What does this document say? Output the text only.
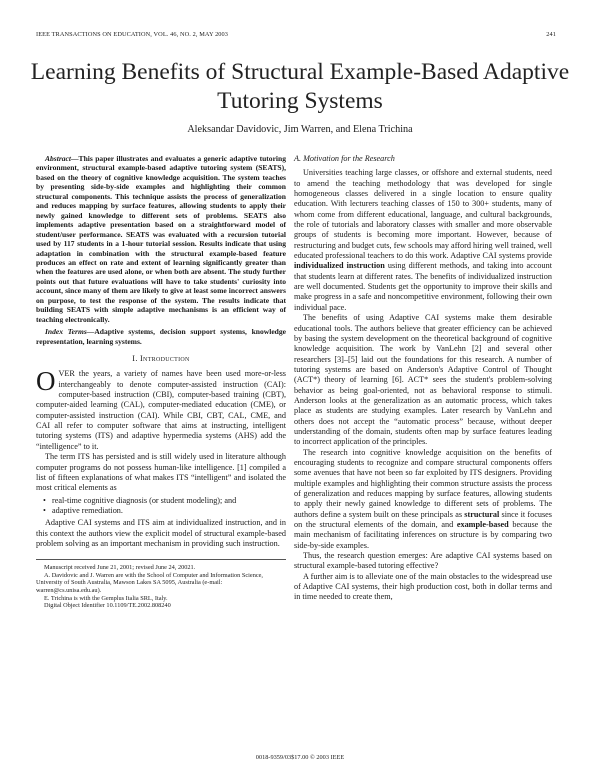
IEEE TRANSACTIONS ON EDUCATION, VOL. 46, NO. 2, MAY 2003	241
Learning Benefits of Structural Example-Based Adaptive Tutoring Systems
Aleksandar Davidovic, Jim Warren, and Elena Trichina

Abstract—This paper illustrates and evaluates a generic adaptive tutoring environment, structural example-based adaptive tutoring system (SEATS), based on the theory of cognitive knowledge acquisition. The system teaches by presenting side-by-side examples and highlighting their common structural components. This technique assists the process of generalization and reduces mapping by surface features, allowing students to apply their newly gained knowledge to different sets of problems. SEATS also implements adaptive presentation based on a straightforward model of student/user performance. SEATS was evaluated with a recursion tutorial used by 117 students in a 1-hour tutorial session. Results indicate that using adaptation in combination with the structural example-based feature produces an effect on rate and extent of learning significantly greater than when the features are used alone, or when both are absent. The study further points out that future evaluations will have to take students' curiosity into account, since many of them are likely to give at least some incorrect answers on purpose, to test the response of the system. The results indicate that building SEATS with simple adaptive mechanisms is an efficient way of teaching electronically.

Index Terms—Adaptive systems, decision support systems, knowledge representation, learning systems.

I. Introduction

OVER the years, a variety of names have been used more-or-less interchangeably to denote computer-assisted instruction (CAI): computer-based instruction (CBI), computer-based training (CBT), computer-aided learning (CAL), computer-mediated education (CME), or computer-assisted instruction (CAI). While CBI, CBT, CAL, CME, and CAI all refer to computer software that aims at instructing, intelligent tutoring systems (ITS) and adaptive hypermedia systems (AHS) add the “intelligence” to it.

The term ITS has persisted and is still widely used in literature although computer programs do not possess human-like intelligence. [1] compiled a list of fifteen explanations of what makes ITS “intelligent” and isolated the most critical elements as

• real-time cognitive diagnosis (or student modeling); and
• adaptive remediation.

Adaptive CAI systems and ITS aim at individualized instruction, and in this context the authors view the explicit model of structural example-based problem solving as an important mechanism in providing such instruction.

Manuscript received June 21, 2001; revised June 24, 20021.
A. Davidovic and J. Warren are with the School of Computer and Information Science, University of South Australia, Mawson Lakes SA 5095, Australia (e-mail: warren@cs.unisa.edu.au).
E. Trichina is with the Gemplus Italia SRL, Italy.
Digital Object Identifier 10.1109/TE.2002.808240
A. Motivation for the Research

Universities teaching large classes, or offshore and external students, need to amend the teaching methodology that was developed for single homogeneous classes delivered in a single location to ensure quality education. With lecturers teaching classes of 150 to 300+ students, many of whom come from different educational, language, and cultural backgrounds, the role of tutorials and laboratory classes with smaller and more observable groups of students is becoming more important. However, because of restructuring and budget cuts, few schools may afford hiring well trained, well educated professional teachers to do this work. Adaptive CAI systems provide individualized instruction using different methods, and taking into account that students learn at different rates. The benefits of individualized instruction are well documented. Students get the opportunity to improve their skills and make progress in a safe and noncompetitive environment, following their own individual pace.

The benefits of using Adaptive CAI systems make them desirable educational tools. The authors believe that greater efficiency can be achieved by basing the system development on the theoretical background of cognitive knowledge acquisition. The work by VanLehn [2] and several other researchers [3]–[5] laid out the foundations for this research. A number of tutoring systems are based on Anderson's Adaptive Control of Thought (ACT*) theory of learning [6]. ACT* sees the student's problem-solving behavior as being goal-oriented, not as behavioral response to stimuli. Anderson looks at the generalization as an automatic process, which takes place as students are studying examples. Later research by VanLehn and others does not accept the “automatic process” because, without deeper understanding of the domain, students often map by surface features leading to incorrect application of the principles.

The research into cognitive knowledge acquisition on the benefits of encouraging students to recognize and compare structural components offers some avenues that have not been so far exploited by ITS designers. Providing multiple examples and highlighting their common structure assists the process of generalization and reduces mapping by surface features, allowing students to apply their newly gained knowledge to different sets of problems. The authors define a system built on these principals as structural since it focuses on the structural elements of the domain, and example-based because the main mechanism of facilitating inferences on structure is by comparing two side-by-side examples.

Thus, the research question emerges: Are adaptive CAI systems based on structural example-based tutoring effective?

A further aim is to alleviate one of the main obstacles to the widespread use of Adaptive CAI systems, their high production cost, both in dollar terms and in time needed to create them,

0018-9359/03$17.00 © 2003 IEEE
